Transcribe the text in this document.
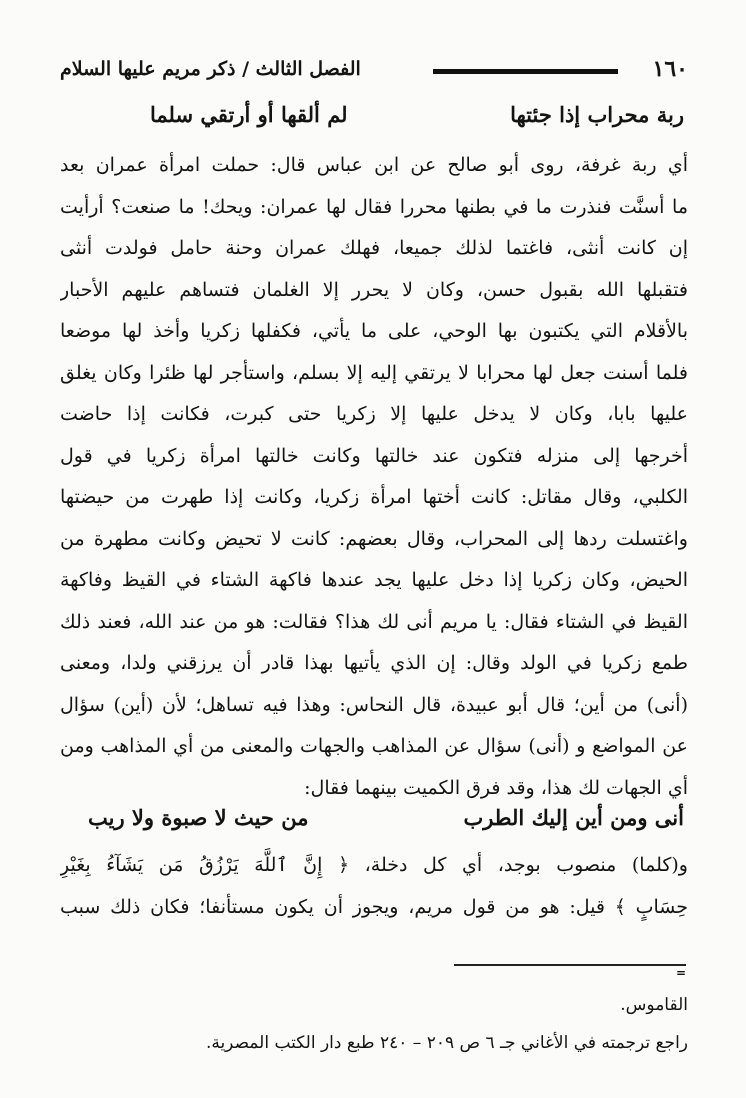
١٦٠
الفصل الثالث / ذكر مريم عليها السلام
ربة محراب إذا جئتها
لم ألقها أو أرتقي سلما
أي ربة غرفة، روى أبو صالح عن ابن عباس قال: حملت امرأة عمران بعد
ما أسنَّت فنذرت ما في بطنها محررا فقال لها عمران: ويحك! ما صنعت؟ أرأيت
إن كانت أنثى، فاغتما لذلك جميعا، فهلك عمران وحنة حامل فولدت أنثى
فتقبلها الله بقبول حسن، وكان لا يحرر إلا الغلمان فتساهم عليهم الأحبار
بالأقلام التي يكتبون بها الوحي، على ما يأتي، فكفلها زكريا وأخذ لها موضعا
فلما أسنت جعل لها محرابا لا يرتقي إليه إلا بسلم، واستأجر لها ظئرا وكان يغلق
عليها بابا، وكان لا يدخل عليها إلا زكريا حتى كبرت، فكانت إذا حاضت
أخرجها إلى منزله فتكون عند خالتها وكانت خالتها امرأة زكريا في قول
الكلبي، وقال مقاتل: كانت أختها امرأة زكريا، وكانت إذا طهرت من حيضتها
واغتسلت ردها إلى المحراب، وقال بعضهم: كانت لا تحيض وكانت مطهرة من
الحيض، وكان زكريا إذا دخل عليها يجد عندها فاكهة الشتاء في القيظ وفاكهة
القيظ في الشتاء فقال: يا مريم أنى لك هذا؟ فقالت: هو من عند الله، فعند ذلك
طمع زكريا في الولد وقال: إن الذي يأتيها بهذا قادر أن يرزقني ولدا، ومعنى
(أنى) من أين؛ قال أبو عبيدة، قال النحاس: وهذا فيه تساهل؛ لأن (أين) سؤال
عن المواضع و (أنى) سؤال عن المذاهب والجهات والمعنى من أي المذاهب ومن
أي الجهات لك هذا، وقد فرق الكميت بينهما فقال:
أنى ومن أين إليك الطرب
من حيث لا صبوة ولا ريب
و(كلما) منصوب بوجد، أي كل دخلة، ﴿ إِنَّ ٱللَّهَ يَرْزُقُ مَن يَشَآءُ بِغَيْرِ
حِسَابٍ ﴾ قيل: هو من قول مريم، ويجوز أن يكون مستأنفا؛ فكان ذلك سبب
=
القاموس.
راجع ترجمته في الأغاني جـ ٦ ص ٢٠٩ – ٢٤٠ طبع دار الكتب المصرية.
